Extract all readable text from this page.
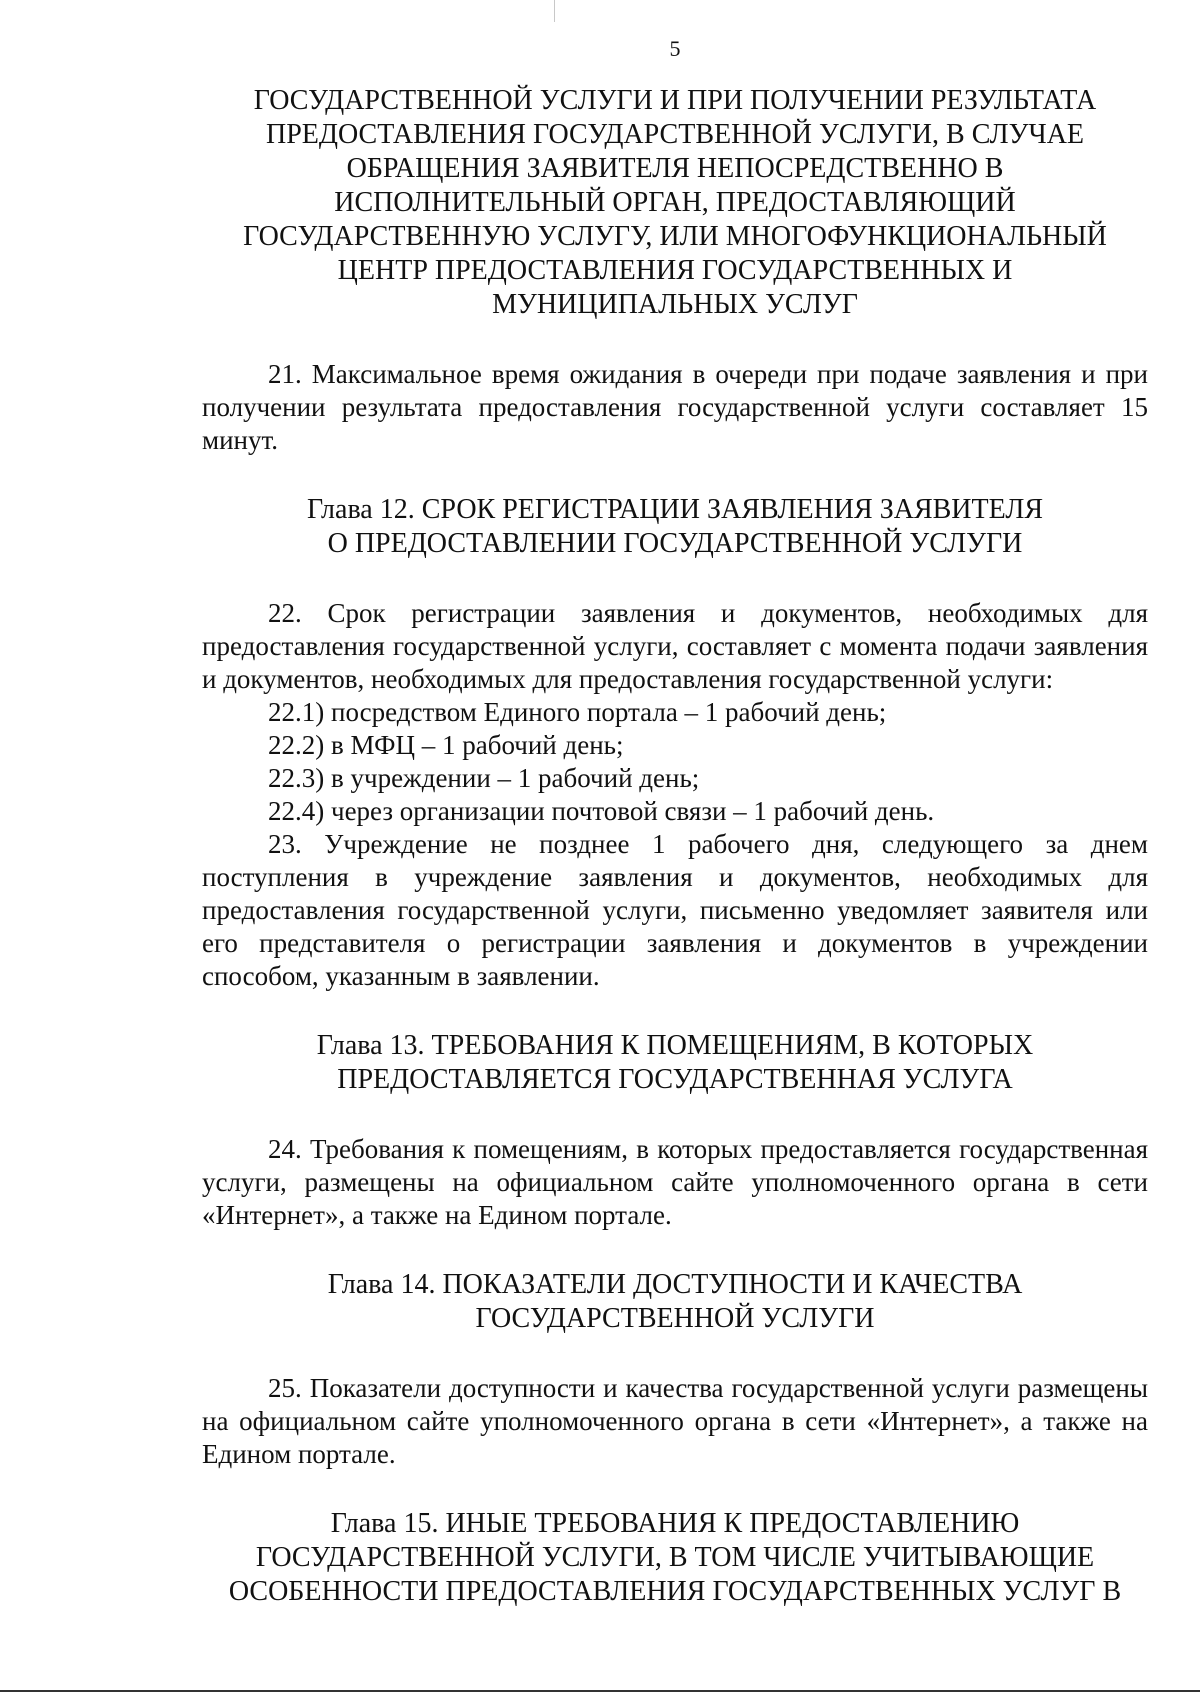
5
ГОСУДАРСТВЕННОЙ УСЛУГИ И ПРИ ПОЛУЧЕНИИ РЕЗУЛЬТАТА
ПРЕДОСТАВЛЕНИЯ ГОСУДАРСТВЕННОЙ УСЛУГИ, В СЛУЧАЕ
ОБРАЩЕНИЯ ЗАЯВИТЕЛЯ НЕПОСРЕДСТВЕННО В
ИСПОЛНИТЕЛЬНЫЙ ОРГАН, ПРЕДОСТАВЛЯЮЩИЙ
ГОСУДАРСТВЕННУЮ УСЛУГУ, ИЛИ МНОГОФУНКЦИОНАЛЬНЫЙ
ЦЕНТР ПРЕДОСТАВЛЕНИЯ ГОСУДАРСТВЕННЫХ И
МУНИЦИПАЛЬНЫХ УСЛУГ

21. Максимальное время ожидания в очереди при подаче заявления и при получении результата предоставления государственной услуги составляет 15 минут.

Глава 12. СРОК РЕГИСТРАЦИИ ЗАЯВЛЕНИЯ ЗАЯВИТЕЛЯ
О ПРЕДОСТАВЛЕНИИ ГОСУДАРСТВЕННОЙ УСЛУГИ

22. Срок регистрации заявления и документов, необходимых для предоставления государственной услуги, составляет с момента подачи заявления и документов, необходимых для предоставления государственной услуги:

22.1) посредством Единого портала – 1 рабочий день;

22.2) в МФЦ – 1 рабочий день;

22.3) в учреждении – 1 рабочий день;

22.4) через организации почтовой связи – 1 рабочий день.

23. Учреждение не позднее 1 рабочего дня, следующего за днем поступления в учреждение заявления и документов, необходимых для предоставления государственной услуги, письменно уведомляет заявителя или его представителя о регистрации заявления и документов в учреждении способом, указанным в заявлении.

Глава 13. ТРЕБОВАНИЯ К ПОМЕЩЕНИЯМ, В КОТОРЫХ
ПРЕДОСТАВЛЯЕТСЯ ГОСУДАРСТВЕННАЯ УСЛУГА

24. Требования к помещениям, в которых предоставляется государственная услуги, размещены на официальном сайте уполномоченного органа в сети «Интернет», а также на Едином портале.

Глава 14. ПОКАЗАТЕЛИ ДОСТУПНОСТИ И КАЧЕСТВА
ГОСУДАРСТВЕННОЙ УСЛУГИ

25. Показатели доступности и качества государственной услуги размещены на официальном сайте уполномоченного органа в сети «Интернет», а также на Едином портале.

Глава 15. ИНЫЕ ТРЕБОВАНИЯ К ПРЕДОСТАВЛЕНИЮ
ГОСУДАРСТВЕННОЙ УСЛУГИ, В ТОМ ЧИСЛЕ УЧИТЫВАЮЩИЕ
ОСОБЕННОСТИ ПРЕДОСТАВЛЕНИЯ ГОСУДАРСТВЕННЫХ УСЛУГ В
